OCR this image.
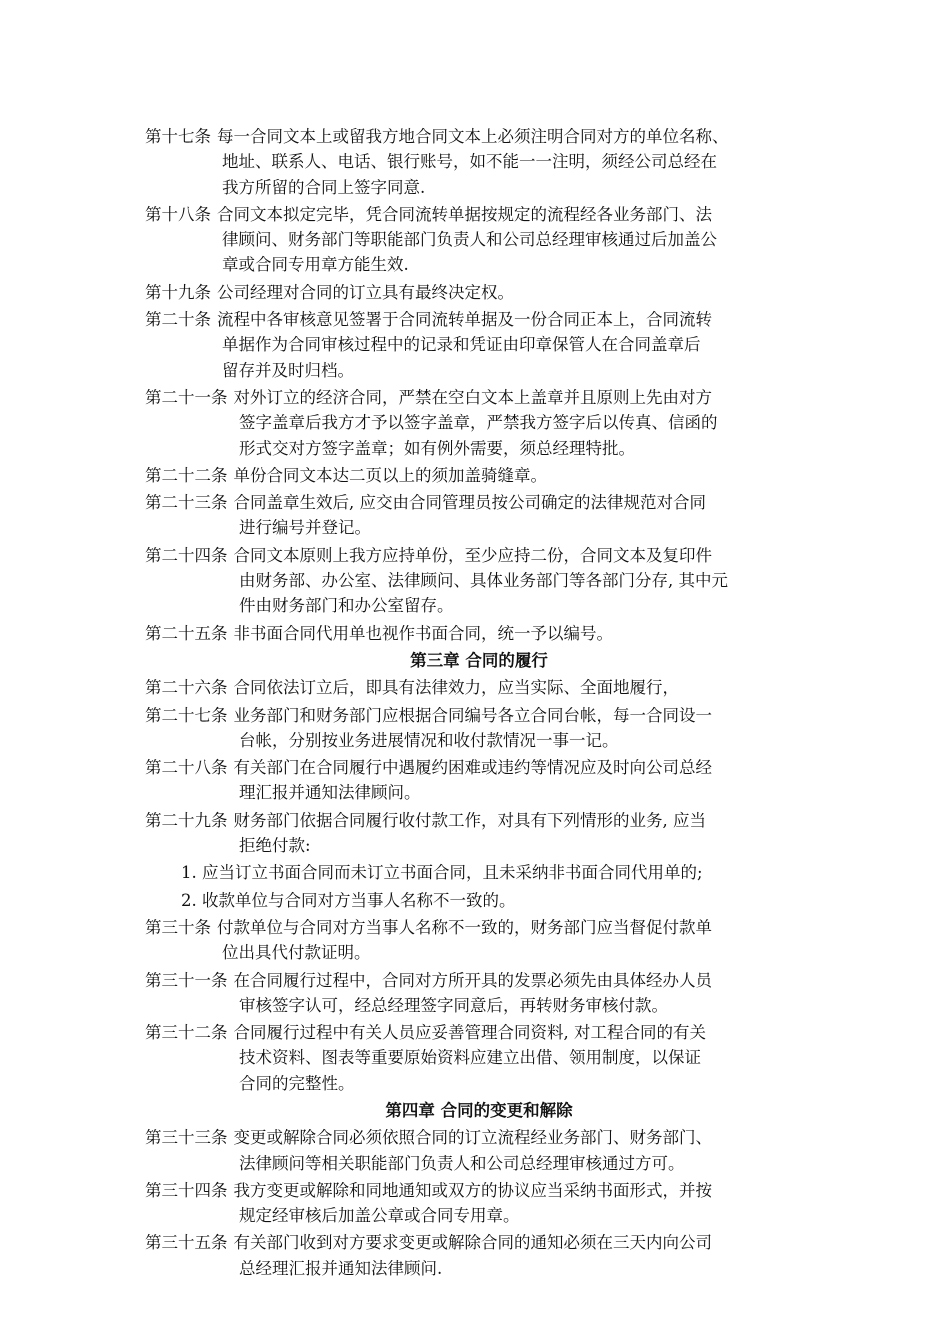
第十七条 每一合同文本上或留我方地合同文本上必须注明合同对方的单位名称、
地址、联系人、电话、银行账号，如不能一一注明，须经公司总经在
我方所留的合同上签字同意.
第十八条 合同文本拟定完毕，凭合同流转单据按规定的流程经各业务部门、法
律顾问、财务部门等职能部门负责人和公司总经理审核通过后加盖公
章或合同专用章方能生效.
第十九条 公司经理对合同的订立具有最终决定权。
第二十条 流程中各审核意见签署于合同流转单据及一份合同正本上，合同流转
单据作为合同审核过程中的记录和凭证由印章保管人在合同盖章后
留存并及时归档。
第二十一条 对外订立的经济合同，严禁在空白文本上盖章并且原则上先由对方
签字盖章后我方才予以签字盖章，严禁我方签字后以传真、信函的
形式交对方签字盖章；如有例外需要，须总经理特批。
第二十二条 单份合同文本达二页以上的须加盖骑缝章。
第二十三条 合同盖章生效后, 应交由合同管理员按公司确定的法律规范对合同
进行编号并登记。
第二十四条 合同文本原则上我方应持单份，至少应持二份，合同文本及复印件
由财务部、办公室、法律顾问、具体业务部门等各部门分存, 其中元
件由财务部门和办公室留存。
第二十五条 非书面合同代用单也视作书面合同，统一予以编号。
第三章 合同的履行
第二十六条 合同依法订立后，即具有法律效力，应当实际、全面地履行，
第二十七条 业务部门和财务部门应根据合同编号各立合同台帐，每一合同设一
台帐，分别按业务进展情况和收付款情况一事一记。
第二十八条 有关部门在合同履行中遇履约困难或违约等情况应及时向公司总经
理汇报并通知法律顾问。
第二十九条 财务部门依据合同履行收付款工作，对具有下列情形的业务, 应当
拒绝付款:
1. 应当订立书面合同而未订立书面合同，且未采纳非书面合同代用单的;
2. 收款单位与合同对方当事人名称不一致的。
第三十条 付款单位与合同对方当事人名称不一致的，财务部门应当督促付款单
位出具代付款证明。
第三十一条 在合同履行过程中，合同对方所开具的发票必须先由具体经办人员
审核签字认可，经总经理签字同意后，再转财务审核付款。
第三十二条 合同履行过程中有关人员应妥善管理合同资料, 对工程合同的有关
技术资料、图表等重要原始资料应建立出借、领用制度，以保证
合同的完整性。
第四章 合同的变更和解除
第三十三条 变更或解除合同必须依照合同的订立流程经业务部门、财务部门、
法律顾问等相关职能部门负责人和公司总经理审核通过方可。
第三十四条 我方变更或解除和同地通知或双方的协议应当采纳书面形式，并按
规定经审核后加盖公章或合同专用章。
第三十五条 有关部门收到对方要求变更或解除合同的通知必须在三天内向公司
总经理汇报并通知法律顾问.
